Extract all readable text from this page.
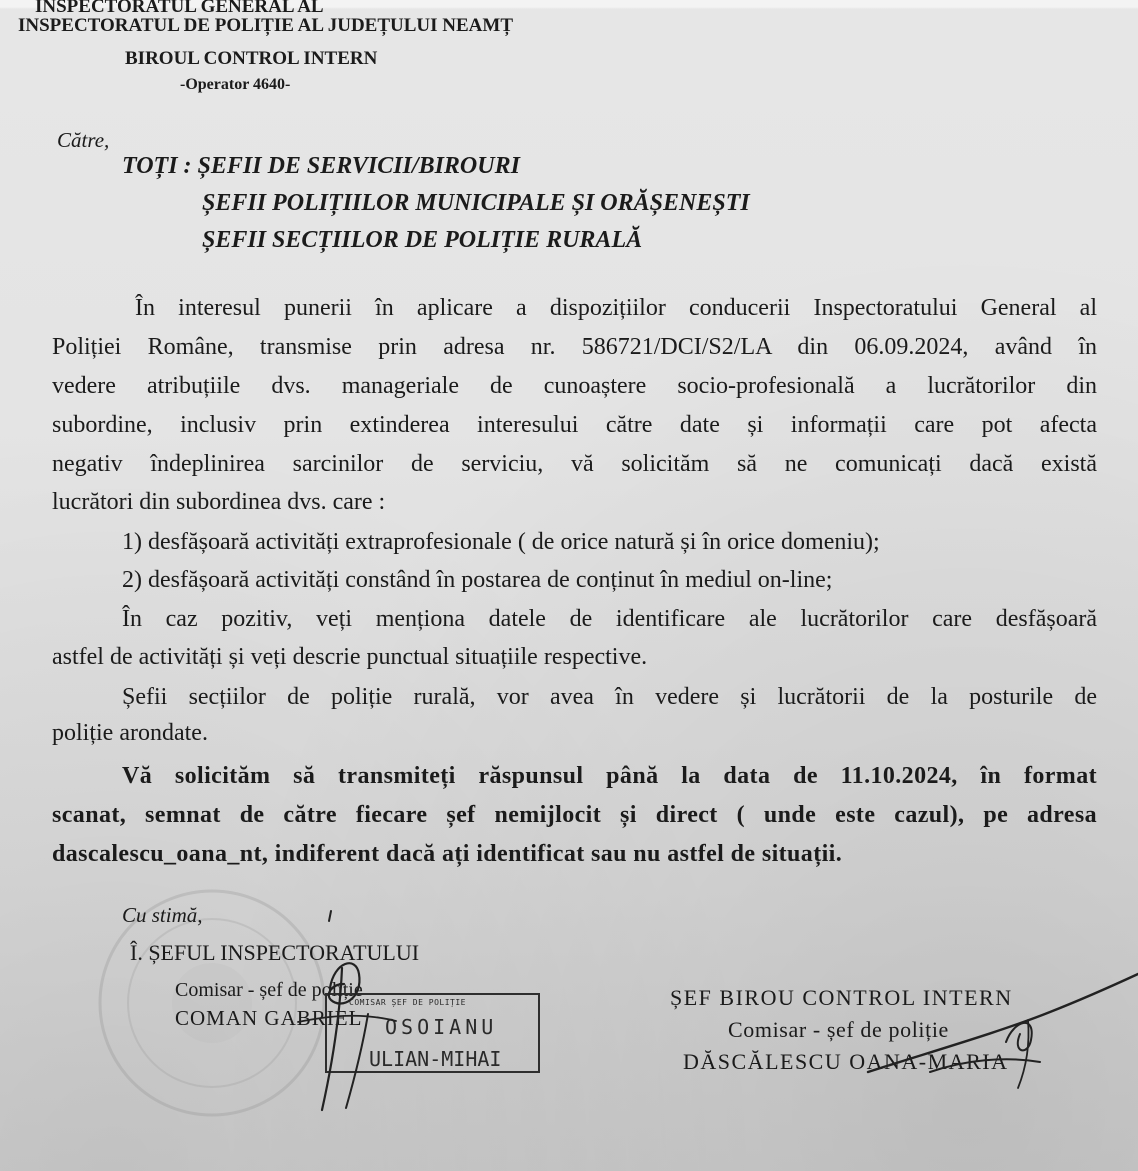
INSPECTORATUL GENERAL AL
INSPECTORATUL DE POLIȚIE AL JUDEȚULUI NEAMȚ
BIROUL CONTROL INTERN
-Operator 4640-
Către,
TOȚI : ȘEFII DE SERVICII/BIROURI
ȘEFII POLIȚIILOR MUNICIPALE ȘI ORĂȘENEȘTI
ȘEFII SECȚIILOR DE POLIȚIE RURALĂ
În interesul punerii în aplicare a dispozițiilor conducerii Inspectoratului General al
Poliției Române, transmise prin adresa nr. 586721/DCI/S2/LA din 06.09.2024, având în
vedere atribuțiile dvs. manageriale de cunoaștere socio-profesională a lucrătorilor din
subordine, inclusiv prin extinderea interesului către date și informații care pot afecta
negativ îndeplinirea sarcinilor de serviciu, vă solicităm să ne comunicați dacă există
lucrători din subordinea dvs. care :
1) desfășoară activități extraprofesionale ( de orice natură și în orice domeniu);
2) desfășoară activități constând în postarea de conținut în mediul on-line;
În caz pozitiv, veți menționa datele de identificare ale lucrătorilor care desfășoară
astfel de activități și veți descrie punctual situațiile respective.
Șefii secțiilor de poliție rurală, vor avea în vedere și lucrătorii de la posturile de
poliție arondate.
Vă solicităm să transmiteți răspunsul până la data de 11.10.2024, în format
scanat, semnat de către fiecare șef nemijlocit și direct ( unde este cazul), pe adresa
dascalescu_oana_nt, indiferent dacă ați identificat sau nu astfel de situații.
Cu stimă,
Î. ȘEFUL INSPECTORATULUI
Comisar - șef de poliție
COMAN GABRIEL
COMISAR ȘEF DE POLIȚIE
OSOIANU
ULIAN-MIHAI
ȘEF BIROU CONTROL INTERN
Comisar - șef de poliție
DĂSCĂLESCU OANA-MARIA
